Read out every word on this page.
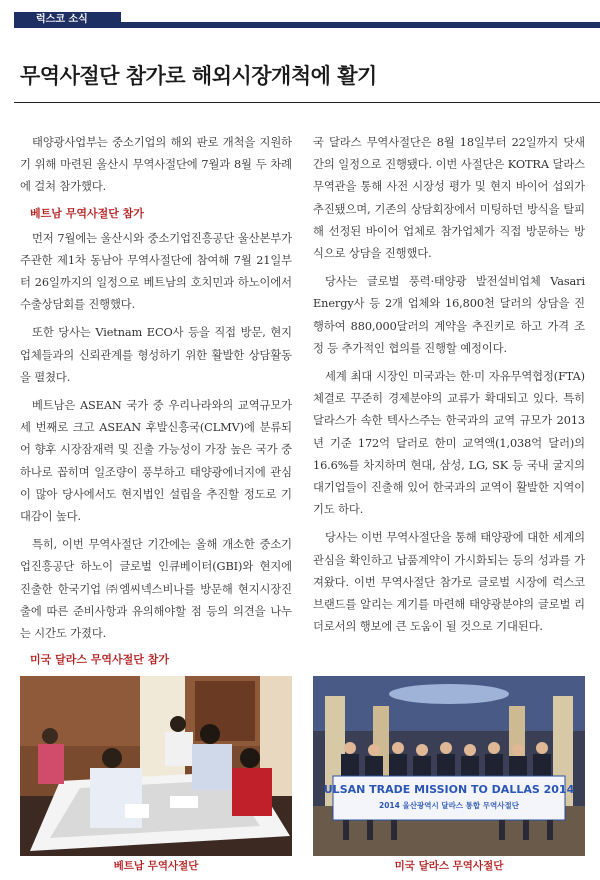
럭스코 소식
무역사절단 참가로 해외시장개척에 활기

태양광사업부는 중소기업의 해외 판로 개척을 지원하기 위해 마련된 울산시 무역사절단에 7월과 8월 두 차례에 걸쳐 참가했다.

베트남 무역사절단 참가

먼저 7월에는 울산시와 중소기업진흥공단 울산본부가 주관한 제1차 동남아 무역사절단에 참여해 7월 21일부터 26일까지의 일정으로 베트남의 호치민과 하노이에서 수출상담회를 진행했다.

또한 당사는 Vietnam ECO사 등을 직접 방문, 현지 업체들과의 신뢰관계를 형성하기 위한 활발한 상담활동을 펼쳤다.

베트남은 ASEAN 국가 중 우리나라와의 교역규모가 세 번째로 크고 ASEAN 후발신흥국(CLMV)에 분류되어 향후 시장잠재력 및 진출 가능성이 가장 높은 국가 중 하나로 꼽히며 일조량이 풍부하고 태양광에너지에 관심이 많아 당사에서도 현지법인 설립을 추진할 정도로 기대감이 높다.

특히, 이번 무역사절단 기간에는 올해 개소한 중소기업진흥공단 하노이 글로벌 인큐베이터(GBI)와 현지에 진출한 한국기업 ㈜엠씨넥스비나를 방문해 현지시장진출에 따른 준비사항과 유의해야할 점 등의 의견을 나누는 시간도 가졌다.

미국 달라스 무역사절단 참가

국 달라스 무역사절단은 8월 18일부터 22일까지 닷새간의 일정으로 진행됐다. 이번 사절단은 KOTRA 달라스 무역관을 통해 사전 시장성 평가 및 현지 바이어 섭외가 추진됐으며, 기존의 상담회장에서 미팅하던 방식을 탈피해 선정된 바이어 업체로 참가업체가 직접 방문하는 방식으로 상담을 진행했다.

당사는 글로벌 풍력·태양광 발전설비업체 Vasari Energy사 등 2개 업체와 16,800천 달러의 상담을 진행하여 880,000달러의 계약을 추진키로 하고 가격 조정 등 추가적인 협의를 진행할 예정이다.

세계 최대 시장인 미국과는 한·미 자유무역협정(FTA) 체결로 꾸준히 경제분야의 교류가 확대되고 있다. 특히 달라스가 속한 텍사스주는 한국과의 교역 규모가 2013년 기준 172억 달러로 한미 교역액(1,038억 달러)의 16.6%를 차지하며 현대, 삼성, LG, SK 등 국내 굴지의 대기업들이 진출해 있어 한국과의 교역이 활발한 지역이기도 하다.

당사는 이번 무역사절단을 통해 태양광에 대한 세계의 관심을 확인하고 납품계약이 가시화되는 등의 성과를 가져왔다. 이번 무역사절단 참가로 글로벌 시장에 럭스코 브랜드를 알리는 계기를 마련해 태양광분야의 글로벌 리더로서의 행보에 큰 도움이 될 것으로 기대된다.

ULSAN TRADE MISSION TO DALLAS 2014
2014 울산광역시 달라스 통합 무역사절단
베트남 무역사절단	미국 달라스 무역사절단
